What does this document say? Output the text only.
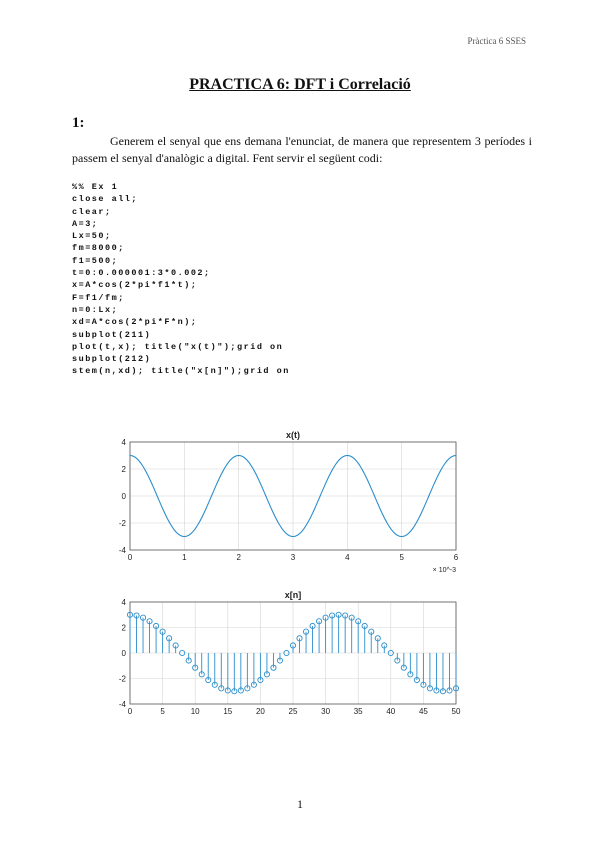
Pràctica 6 SSES
PRACTICA 6: DFT i Correlació
1:
Generem el senyal que ens demana l'enunciat, de manera que representem 3 períodes i passem el senyal d'analògic a digital. Fent servir el següent codi:
%% Ex 1
close all;
clear;
A=3;
Lx=50;
fm=8000;
f1=500;
t=0:0.000001:3*0.002;
x=A*cos(2*pi*f1*t);
F=f1/fm;
n=0:Lx;
xd=A*cos(2*pi*F*n);
subplot(211)
plot(t,x); title("x(t)");grid on
subplot(212)
stem(n,xd); title("x[n]");grid on
0	1	2	3	4	5	6
4
2
0
-2
-4
x(t)
× 10^-3
0	5	10	15	20	25	30	35	40	45	50
4
2
0
-2
-4
x[n]
1
